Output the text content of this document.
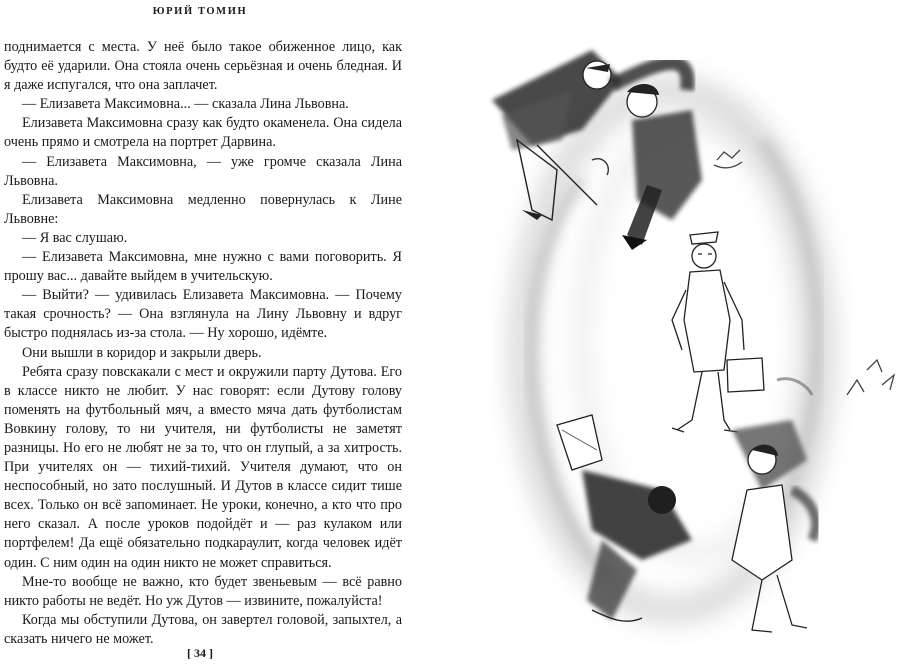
ЮРИЙ ТОМИН

поднимается с места. У неё было такое обиженное лицо, как будто её ударили. Она стояла очень серьёзная и очень бледная. И я даже испугался, что она заплачет.

— Елизавета Максимовна... — сказала Лина Львовна.

Елизавета Максимовна сразу как будто окаменела. Она сидела очень прямо и смотрела на портрет Дарвина.

— Елизавета Максимовна, — уже громче сказала Лина Львовна.

Елизавета Максимовна медленно повернулась к Лине Львовне:

— Я вас слушаю.

— Елизавета Максимовна, мне нужно с вами поговорить. Я прошу вас... давайте выйдем в учительскую.

— Выйти? — удивилась Елизавета Максимовна. — Почему такая срочность? — Она взглянула на Лину Львовну и вдруг быстро поднялась из-за стола. — Ну хорошо, идёмте.

Они вышли в коридор и закрыли дверь.

Ребята сразу повскакали с мест и окружили парту Дутова. Его в классе никто не любит. У нас говорят: если Дутову голову поменять на футбольный мяч, а вместо мяча дать футболистам Вовкину голову, то ни учителя, ни футболисты не заметят разницы. Но его не любят не за то, что он глупый, а за хитрость. При учителях он — тихий-тихий. Учителя думают, что он неспособный, но зато послушный. И Дутов в классе сидит тише всех. Только он всё запоминает. Не уроки, конечно, а кто что про него сказал. А после уроков подойдёт и — раз кулаком или портфелем! Да ещё обязательно подкараулит, когда человек идёт один. С ним один на один никто не может справиться.

Мне-то вообще не важно, кто будет звеньевым — всё равно никто работы не ведёт. Но уж Дутов — извините, пожалуйста!

Когда мы обступили Дутова, он завертел головой, запыхтел, а сказать ничего не может.

[ 34 ]
